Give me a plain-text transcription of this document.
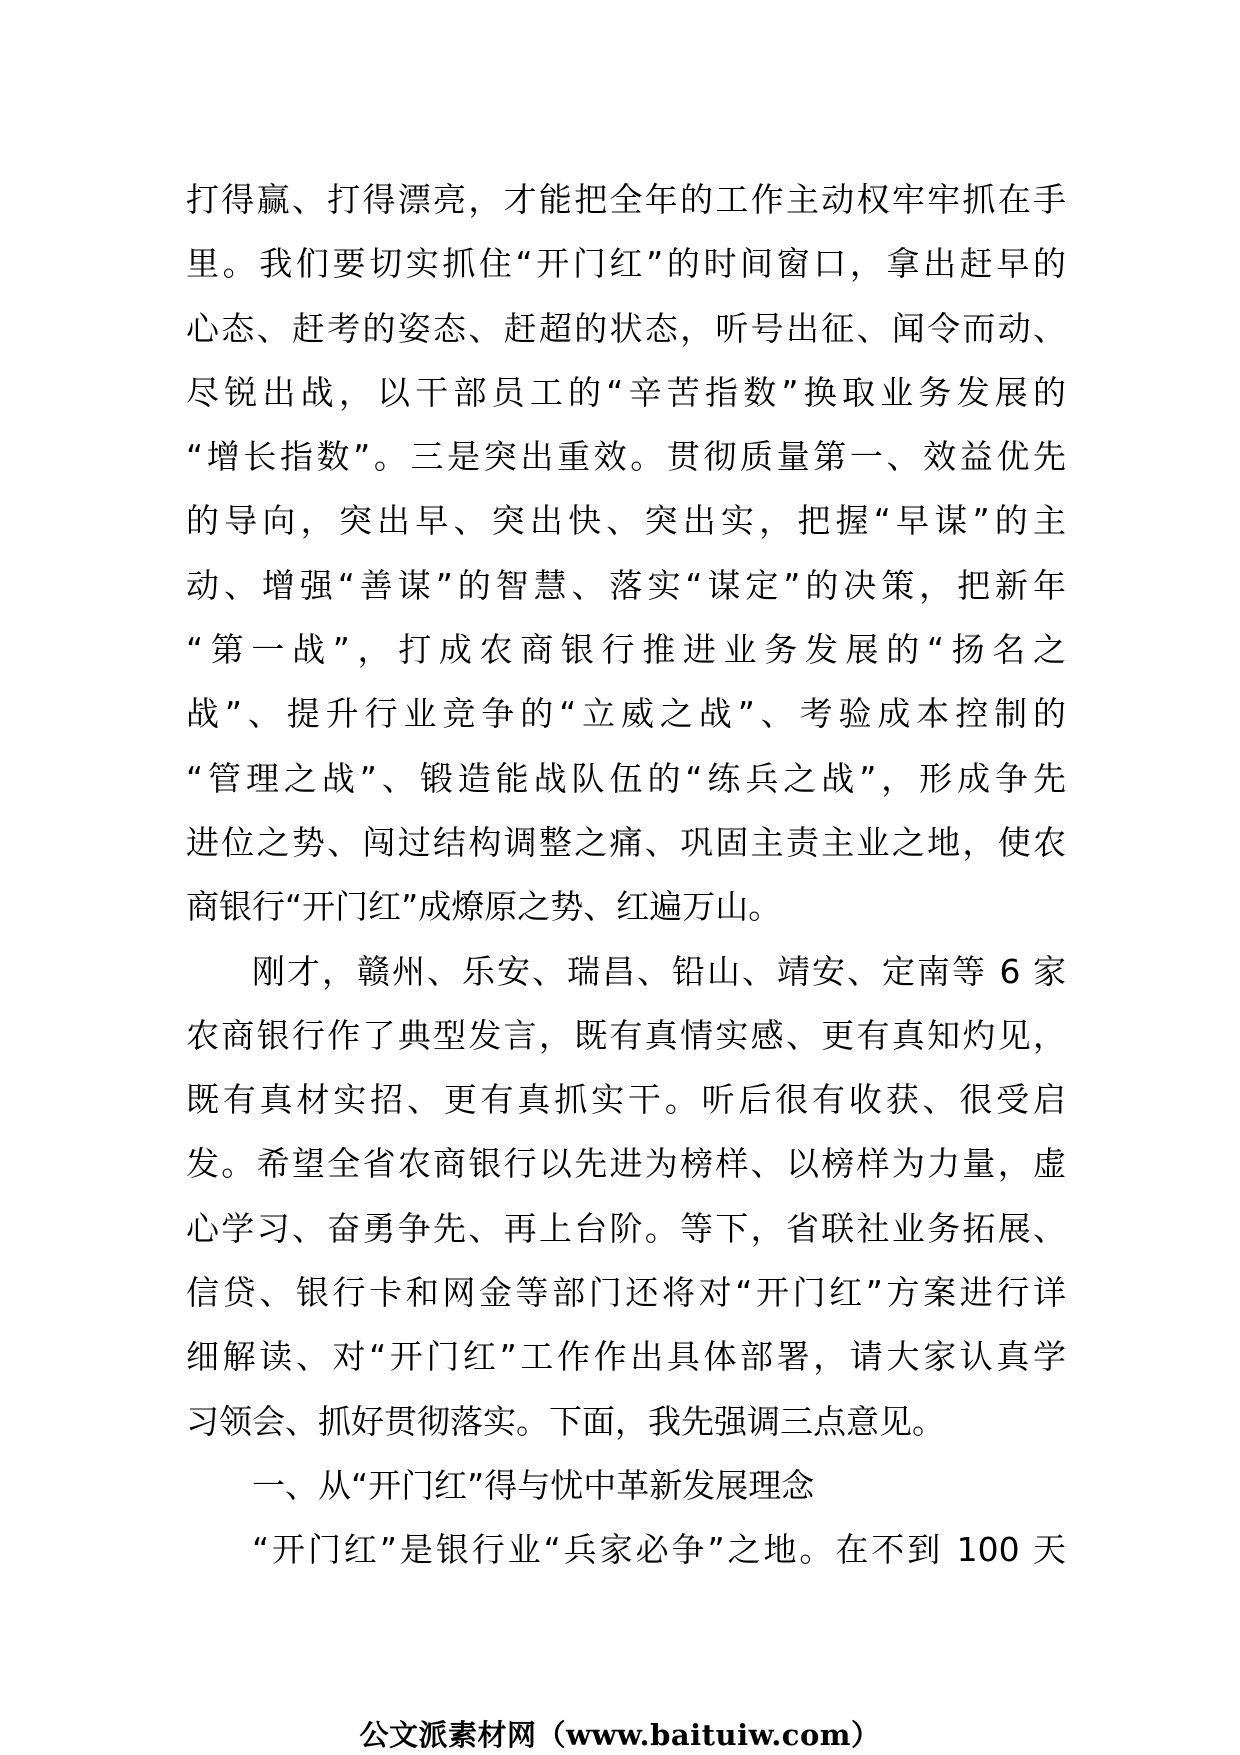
打得赢、打得漂亮，才能把全年的工作主动权牢牢抓在手
里。我们要切实抓住“开门红”的时间窗口，拿出赶早的
心态、赶考的姿态、赶超的状态，听号出征、闻令而动、
尽锐出战，以干部员工的“辛苦指数”换取业务发展的
“增长指数”。三是突出重效。贯彻质量第一、效益优先
的导向，突出早、突出快、突出实，把握“早谋”的主
动、增强“善谋”的智慧、落实“谋定”的决策，把新年
“第一战”，打成农商银行推进业务发展的“扬名之
战”、提升行业竞争的“立威之战”、考验成本控制的
“管理之战”、锻造能战队伍的“练兵之战”，形成争先
进位之势、闯过结构调整之痛、巩固主责主业之地，使农
商银行“开门红”成燎原之势、红遍万山。
刚才，赣州、乐安、瑞昌、铅山、靖安、定南等 6 家
农商银行作了典型发言，既有真情实感、更有真知灼见，
既有真材实招、更有真抓实干。听后很有收获、很受启
发。希望全省农商银行以先进为榜样、以榜样为力量，虚
心学习、奋勇争先、再上台阶。等下，省联社业务拓展、
信贷、银行卡和网金等部门还将对“开门红”方案进行详
细解读、对“开门红”工作作出具体部署，请大家认真学
习领会、抓好贯彻落实。下面，我先强调三点意见。
一、从“开门红”得与忧中革新发展理念
“开门红”是银行业“兵家必争”之地。在不到 100 天
公文派素材网（www.baituiw.com）
